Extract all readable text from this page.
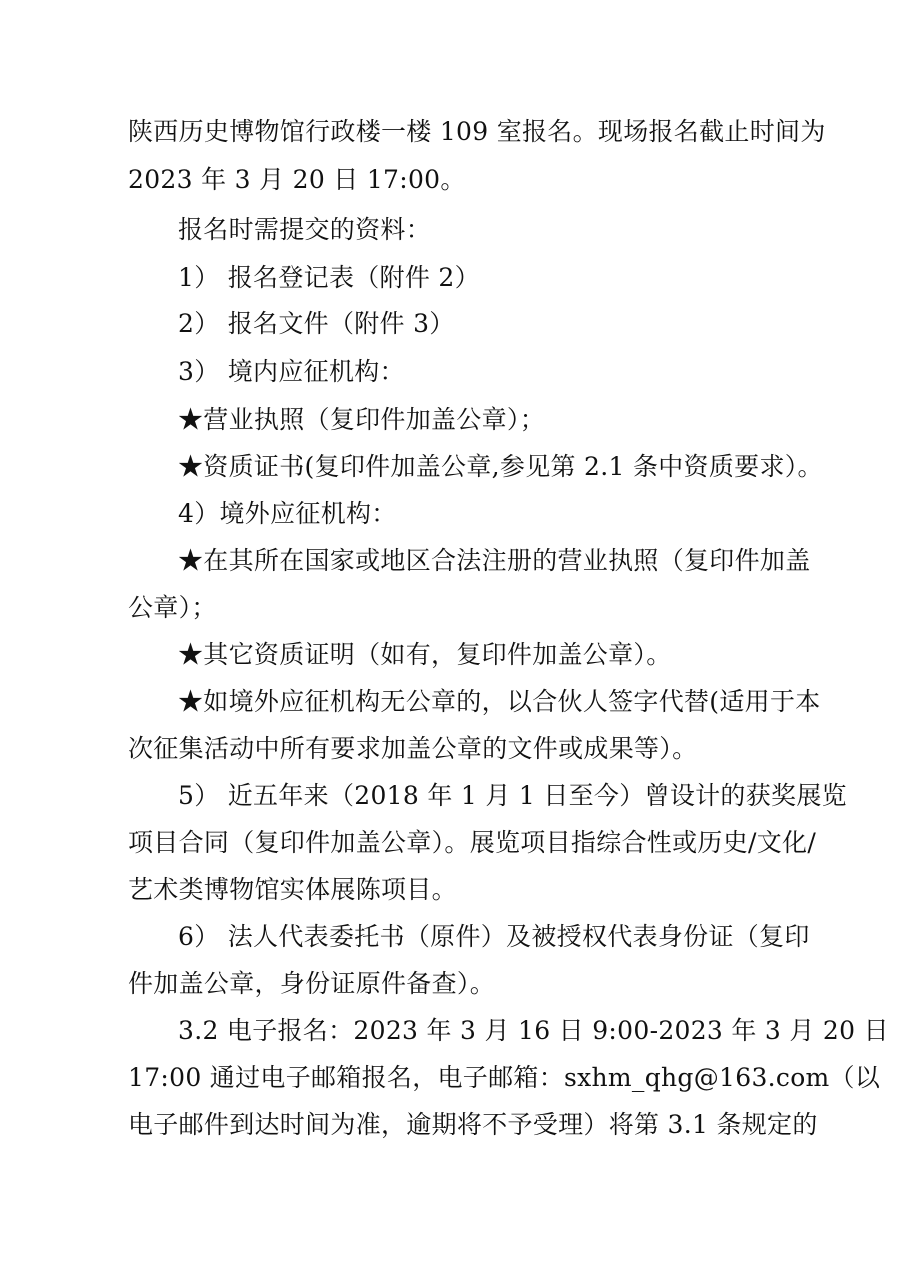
陕西历史博物馆行政楼一楼 109 室报名。现场报名截止时间为
2023 年 3 月 20 日 17:00。
报名时需提交的资料：
1） 报名登记表（附件 2）
2） 报名文件（附件 3）
3） 境内应征机构：
★营业执照（复印件加盖公章）；
★资质证书(复印件加盖公章,参见第 2.1 条中资质要求）。
4）境外应征机构：
★在其所在国家或地区合法注册的营业执照（复印件加盖
公章）；
★其它资质证明（如有，复印件加盖公章）。
★如境外应征机构无公章的，以合伙人签字代替(适用于本
次征集活动中所有要求加盖公章的文件或成果等）。
5） 近五年来（2018 年 1 月 1 日至今）曾设计的获奖展览
项目合同（复印件加盖公章）。展览项目指综合性或历史/文化/
艺术类博物馆实体展陈项目。
6） 法人代表委托书（原件）及被授权代表身份证（复印
件加盖公章，身份证原件备查）。
3.2 电子报名：2023 年 3 月 16 日 9:00-2023 年 3 月 20 日
17:00 通过电子邮箱报名，电子邮箱：sxhm_qhg@163.com（以
电子邮件到达时间为准，逾期将不予受理）将第 3.1 条规定的
